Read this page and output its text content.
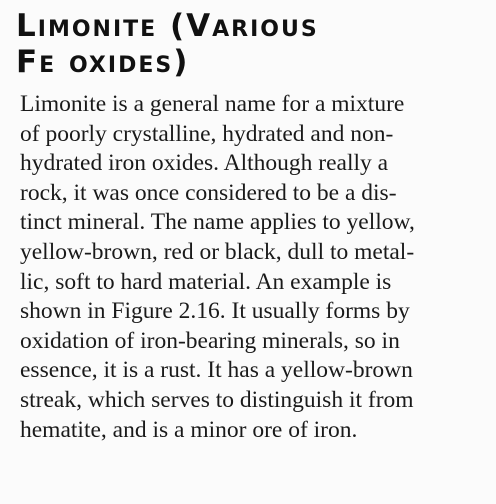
Limonite (Various
Fe oxides)

Limonite is a general name for a mixture
of poorly crystalline, hydrated and non-
hydrated iron oxides. Although really a
rock, it was once considered to be a dis-
tinct mineral. The name applies to yellow,
yellow-brown, red or black, dull to metal-
lic, soft to hard material. An example is
shown in Figure 2.16. It usually forms by
oxidation of iron-bearing minerals, so in
essence, it is a rust. It has a yellow-brown
streak, which serves to distinguish it from
hematite, and is a minor ore of iron.
